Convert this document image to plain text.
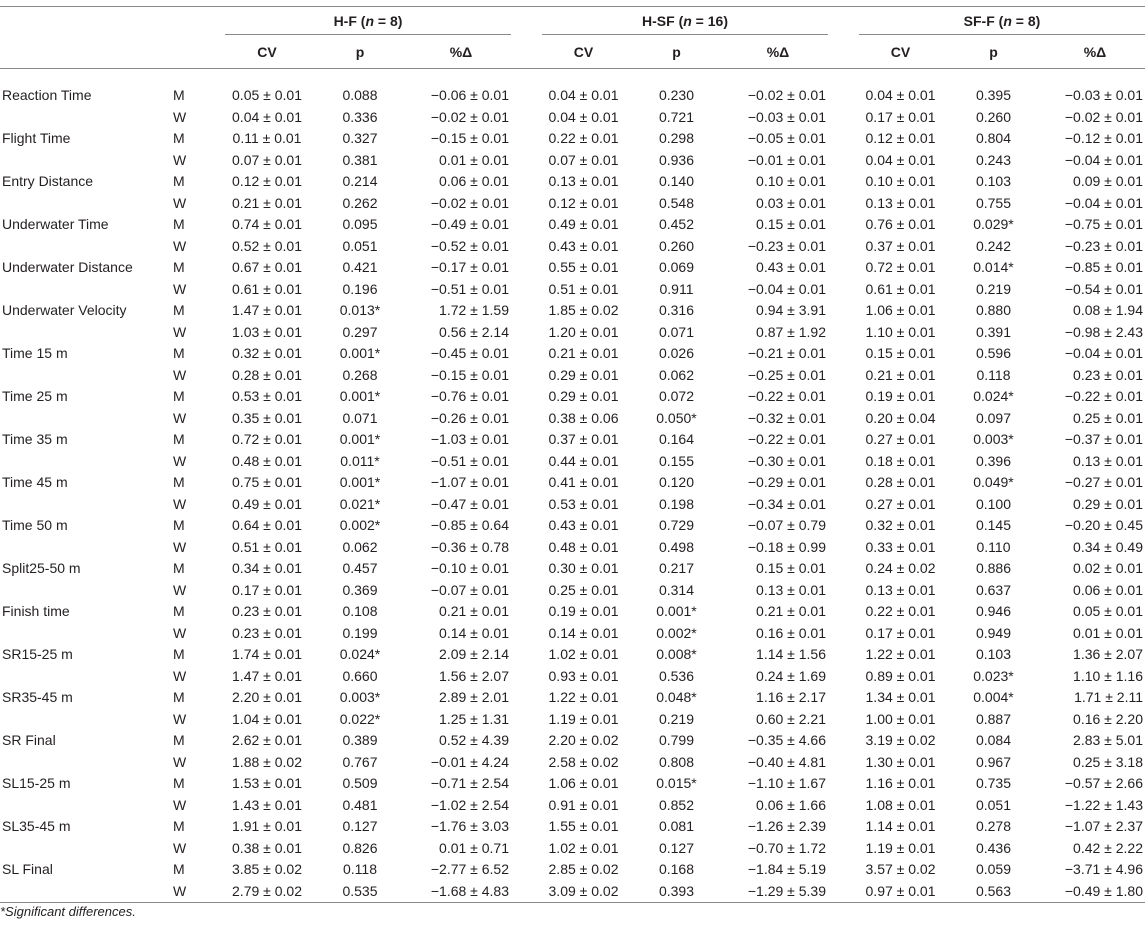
		H-F (n = 8)				H-SF (n = 16)				SF-F (n = 8)		
		CV	p	%Δ		CV	p	%Δ		CV	p	%Δ

Reaction Time	M	0.05 ± 0.01	0.088	−0.06 ± 0.01		0.04 ± 0.01	0.230	−0.02 ± 0.01		0.04 ± 0.01	0.395	−0.03 ± 0.01
	W	0.04 ± 0.01	0.336	−0.02 ± 0.01		0.04 ± 0.01	0.721	−0.03 ± 0.01		0.17 ± 0.01	0.260	−0.02 ± 0.01
Flight Time	M	0.11 ± 0.01	0.327	−0.15 ± 0.01		0.22 ± 0.01	0.298	−0.05 ± 0.01		0.12 ± 0.01	0.804	−0.12 ± 0.01
	W	0.07 ± 0.01	0.381	0.01 ± 0.01		0.07 ± 0.01	0.936	−0.01 ± 0.01		0.04 ± 0.01	0.243	−0.04 ± 0.01
Entry Distance	M	0.12 ± 0.01	0.214	0.06 ± 0.01		0.13 ± 0.01	0.140	0.10 ± 0.01		0.10 ± 0.01	0.103	0.09 ± 0.01
	W	0.21 ± 0.01	0.262	−0.02 ± 0.01		0.12 ± 0.01	0.548	0.03 ± 0.01		0.13 ± 0.01	0.755	−0.04 ± 0.01
Underwater Time	M	0.74 ± 0.01	0.095	−0.49 ± 0.01		0.49 ± 0.01	0.452	0.15 ± 0.01		0.76 ± 0.01	0.029*	−0.75 ± 0.01
	W	0.52 ± 0.01	0.051	−0.52 ± 0.01		0.43 ± 0.01	0.260	−0.23 ± 0.01		0.37 ± 0.01	0.242	−0.23 ± 0.01
Underwater Distance	M	0.67 ± 0.01	0.421	−0.17 ± 0.01		0.55 ± 0.01	0.069	0.43 ± 0.01		0.72 ± 0.01	0.014*	−0.85 ± 0.01
	W	0.61 ± 0.01	0.196	−0.51 ± 0.01		0.51 ± 0.01	0.911	−0.04 ± 0.01		0.61 ± 0.01	0.219	−0.54 ± 0.01
Underwater Velocity	M	1.47 ± 0.01	0.013*	1.72 ± 1.59		1.85 ± 0.02	0.316	0.94 ± 3.91		1.06 ± 0.01	0.880	0.08 ± 1.94
	W	1.03 ± 0.01	0.297	0.56 ± 2.14		1.20 ± 0.01	0.071	0.87 ± 1.92		1.10 ± 0.01	0.391	−0.98 ± 2.43
Time 15 m	M	0.32 ± 0.01	0.001*	−0.45 ± 0.01		0.21 ± 0.01	0.026	−0.21 ± 0.01		0.15 ± 0.01	0.596	−0.04 ± 0.01
	W	0.28 ± 0.01	0.268	−0.15 ± 0.01		0.29 ± 0.01	0.062	−0.25 ± 0.01		0.21 ± 0.01	0.118	0.23 ± 0.01
Time 25 m	M	0.53 ± 0.01	0.001*	−0.76 ± 0.01		0.29 ± 0.01	0.072	−0.22 ± 0.01		0.19 ± 0.01	0.024*	−0.22 ± 0.01
	W	0.35 ± 0.01	0.071	−0.26 ± 0.01		0.38 ± 0.06	0.050*	−0.32 ± 0.01		0.20 ± 0.04	0.097	0.25 ± 0.01
Time 35 m	M	0.72 ± 0.01	0.001*	−1.03 ± 0.01		0.37 ± 0.01	0.164	−0.22 ± 0.01		0.27 ± 0.01	0.003*	−0.37 ± 0.01
	W	0.48 ± 0.01	0.011*	−0.51 ± 0.01		0.44 ± 0.01	0.155	−0.30 ± 0.01		0.18 ± 0.01	0.396	0.13 ± 0.01
Time 45 m	M	0.75 ± 0.01	0.001*	−1.07 ± 0.01		0.41 ± 0.01	0.120	−0.29 ± 0.01		0.28 ± 0.01	0.049*	−0.27 ± 0.01
	W	0.49 ± 0.01	0.021*	−0.47 ± 0.01		0.53 ± 0.01	0.198	−0.34 ± 0.01		0.27 ± 0.01	0.100	0.29 ± 0.01
Time 50 m	M	0.64 ± 0.01	0.002*	−0.85 ± 0.64		0.43 ± 0.01	0.729	−0.07 ± 0.79		0.32 ± 0.01	0.145	−0.20 ± 0.45
	W	0.51 ± 0.01	0.062	−0.36 ± 0.78		0.48 ± 0.01	0.498	−0.18 ± 0.99		0.33 ± 0.01	0.110	0.34 ± 0.49
Split25-50 m	M	0.34 ± 0.01	0.457	−0.10 ± 0.01		0.30 ± 0.01	0.217	0.15 ± 0.01		0.24 ± 0.02	0.886	0.02 ± 0.01
	W	0.17 ± 0.01	0.369	−0.07 ± 0.01		0.25 ± 0.01	0.314	0.13 ± 0.01		0.13 ± 0.01	0.637	0.06 ± 0.01
Finish time	M	0.23 ± 0.01	0.108	0.21 ± 0.01		0.19 ± 0.01	0.001*	0.21 ± 0.01		0.22 ± 0.01	0.946	0.05 ± 0.01
	W	0.23 ± 0.01	0.199	0.14 ± 0.01		0.14 ± 0.01	0.002*	0.16 ± 0.01		0.17 ± 0.01	0.949	0.01 ± 0.01
SR15-25 m	M	1.74 ± 0.01	0.024*	2.09 ± 2.14		1.02 ± 0.01	0.008*	1.14 ± 1.56		1.22 ± 0.01	0.103	1.36 ± 2.07
	W	1.47 ± 0.01	0.660	1.56 ± 2.07		0.93 ± 0.01	0.536	0.24 ± 1.69		0.89 ± 0.01	0.023*	1.10 ± 1.16
SR35-45 m	M	2.20 ± 0.01	0.003*	2.89 ± 2.01		1.22 ± 0.01	0.048*	1.16 ± 2.17		1.34 ± 0.01	0.004*	1.71 ± 2.11
	W	1.04 ± 0.01	0.022*	1.25 ± 1.31		1.19 ± 0.01	0.219	0.60 ± 2.21		1.00 ± 0.01	0.887	0.16 ± 2.20
SR Final	M	2.62 ± 0.01	0.389	0.52 ± 4.39		2.20 ± 0.02	0.799	−0.35 ± 4.66		3.19 ± 0.02	0.084	2.83 ± 5.01
	W	1.88 ± 0.02	0.767	−0.01 ± 4.24		2.58 ± 0.02	0.808	−0.40 ± 4.81		1.30 ± 0.01	0.967	0.25 ± 3.18
SL15-25 m	M	1.53 ± 0.01	0.509	−0.71 ± 2.54		1.06 ± 0.01	0.015*	−1.10 ± 1.67		1.16 ± 0.01	0.735	−0.57 ± 2.66
	W	1.43 ± 0.01	0.481	−1.02 ± 2.54		0.91 ± 0.01	0.852	0.06 ± 1.66		1.08 ± 0.01	0.051	−1.22 ± 1.43
SL35-45 m	M	1.91 ± 0.01	0.127	−1.76 ± 3.03		1.55 ± 0.01	0.081	−1.26 ± 2.39		1.14 ± 0.01	0.278	−1.07 ± 2.37
	W	0.38 ± 0.01	0.826	0.01 ± 0.71		1.02 ± 0.01	0.127	−0.70 ± 1.72		1.19 ± 0.01	0.436	0.42 ± 2.22
SL Final	M	3.85 ± 0.02	0.118	−2.77 ± 6.52		2.85 ± 0.02	0.168	−1.84 ± 5.19		3.57 ± 0.02	0.059	−3.71 ± 4.96
	W	2.79 ± 0.02	0.535	−1.68 ± 4.83		3.09 ± 0.02	0.393	−1.29 ± 5.39		0.97 ± 0.01	0.563	−0.49 ± 1.80
*Significant differences.
